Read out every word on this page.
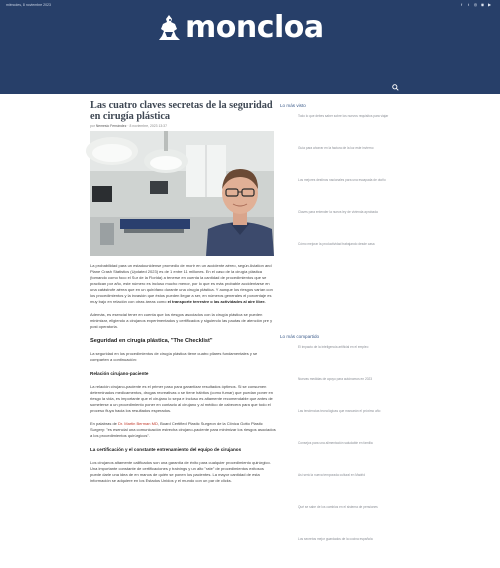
miércoles, 8 noviembre 2023	f	t	◎ ◉ ▶
moncloa
Las cuatro claves secretas de la seguridad en cirugía plástica
por Nemesio Fernández · 8 noviembre, 2023 13:37

La probabilidad para un estadounidense promedio de morir en un accidente aéreo, según Aviation and Plane Crash Statistics (Updated 2023) es de 1 entre 11 millones. En el caso de la cirugía plástica (tomando como foco el Sur de la Florida) a tenerse en cuenta la cantidad de procedimientos que se practican por año, este número es incluso mucho menor, por lo que es más probable accidentarse en una catástrofe aérea que en un quirófano durante una cirugía plástica. Y aunque los riesgos varían con los procedimientos y la invasión que éstos pueden llegar a ser, en números generales el porcentaje es muy bajo en relación con otras áreas como el transporte terrestre o las actividades al aire libre.

Además, es esencial tener en cuenta que los riesgos asociados con la cirugía plástica se pueden minimizar, eligiendo a cirujanos experimentados y certificados y siguiendo las pautas de atención pre y post operatoria.

Seguridad en cirugía plástica, "The Checklist"

La seguridad en los procedimientos de cirugía plástica tiene cuatro pilares fundamentales y se comparten a continuación:

Relación cirujano-paciente

La relación cirujano-paciente es el primer paso para garantizar resultados óptimos. Si se consumen determinados medicamentos, drogas recreativas o se tiene hábitos (como fumar) que puedan poner en riesgo la vida, es importante que el cirujano lo sepa e incluso es altamente recomendable que antes de someterse a un procedimiento poner en contacto al cirujano y al médico de cabecera para que todo el proceso fluya hacia los resultados esperados.

En palabras de Dr. Martin Berman MD, Board Certified Plastic Surgeon de la Clínica Gotto Plastic Surgery: "es esencial una comunicación estrecha cirujano-paciente para minimizar los riesgos asociados a los procedimientos quirúrgicos".

La certificación y el constante entrenamiento del equipo de cirujanos

Los cirujanos altamente calificados son una garantía de éxito para cualquier procedimiento quirúrgico. Una importante constante de certificaciones y trainings y un alto "rate" de procedimientos exitosos puede darle una idea de en manos de quién se ponen los pacientes. La mayor cantidad de esta información se adquiere en los Estados Unidos y el mundo con un par de clicks.

Lo más visto
Todo lo que debes saber sobre los nuevos requisitos para viajar
Guía para ahorrar en la factura de la luz este invierno
Los mejores destinos nacionales para una escapada de otoño
Claves para entender la nueva ley de vivienda aprobada
Cómo mejorar la productividad trabajando desde casa
Lo más compartido
El impacto de la inteligencia artificial en el empleo
Nuevas medidas de apoyo para autónomos en 2023
Las tendencias tecnológicas que marcarán el próximo año
Consejos para una alimentación saludable en familia
Así será la nueva temporada cultural en Madrid
Qué se sabe de los cambios en el sistema de pensiones
Los secretos mejor guardados de la cocina española
